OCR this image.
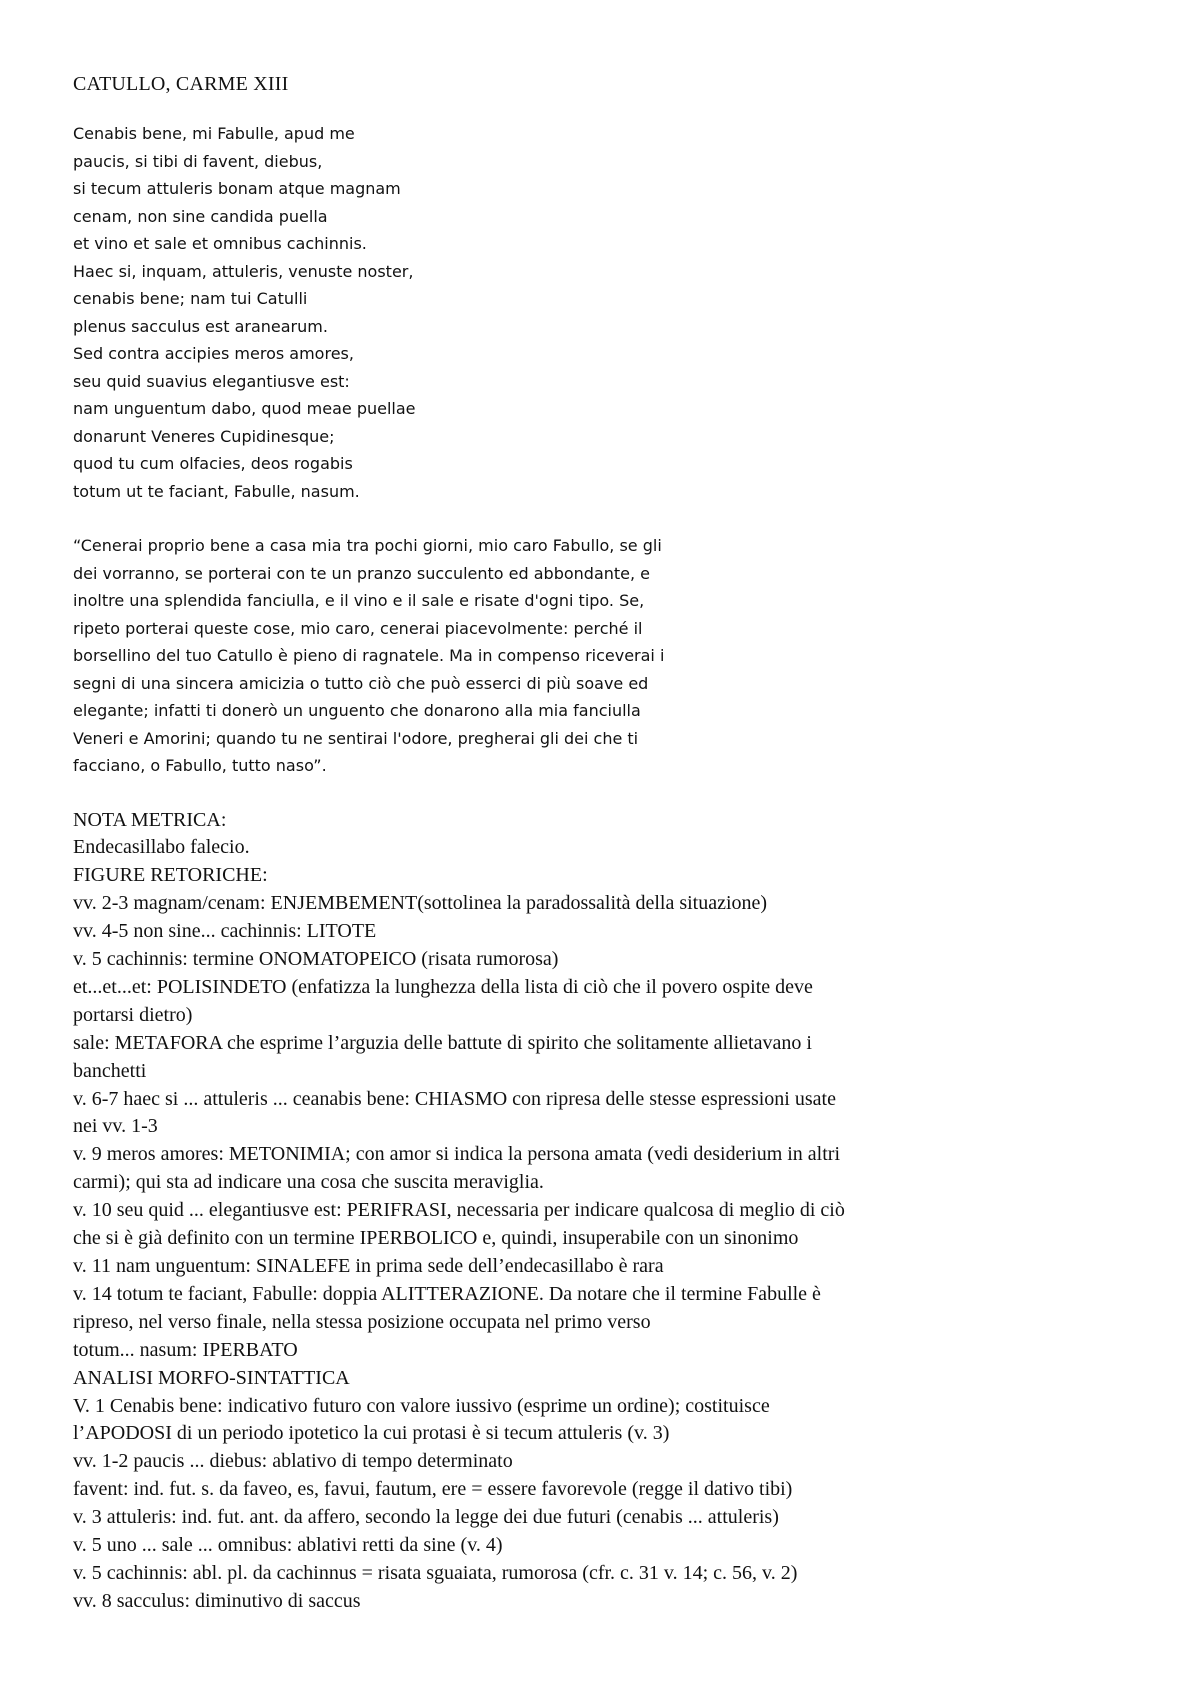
CATULLO, CARME XIII
Cenabis bene, mi Fabulle, apud me
paucis, si tibi di favent, diebus,
si tecum attuleris bonam atque magnam
cenam, non sine candida puella
et vino et sale et omnibus cachinnis.
Haec si, inquam, attuleris, venuste noster,
cenabis bene; nam tui Catulli
plenus sacculus est aranearum.
Sed contra accipies meros amores,
seu quid suavius elegantiusve est:
nam unguentum dabo, quod meae puellae
donarunt Veneres Cupidinesque;
quod tu cum olfacies, deos rogabis
totum ut te faciant, Fabulle, nasum.
“Cenerai proprio bene a casa mia tra pochi giorni, mio caro Fabullo, se gli
dei vorranno, se porterai con te un pranzo succulento ed abbondante, e
inoltre una splendida fanciulla, e il vino e il sale e risate d'ogni tipo. Se,
ripeto porterai queste cose, mio caro, cenerai piacevolmente: perché il
borsellino del tuo Catullo è pieno di ragnatele. Ma in compenso riceverai i
segni di una sincera amicizia o tutto ciò che può esserci di più soave ed
elegante; infatti ti donerò un unguento che donarono alla mia fanciulla
Veneri e Amorini; quando tu ne sentirai l'odore, pregherai gli dei che ti
facciano, o Fabullo, tutto naso”.
NOTA METRICA:
Endecasillabo falecio.
FIGURE RETORICHE:
vv. 2-3 magnam/cenam: ENJEMBEMENT(sottolinea la paradossalità della situazione)
vv. 4-5 non sine... cachinnis: LITOTE
v. 5 cachinnis: termine ONOMATOPEICO (risata rumorosa)
et...et...et: POLISINDETO (enfatizza la lunghezza della lista di ciò che il povero ospite deve
portarsi dietro)
sale: METAFORA che esprime l’arguzia delle battute di spirito che solitamente allietavano i
banchetti
v. 6-7 haec si ... attuleris ... ceanabis bene: CHIASMO con ripresa delle stesse espressioni usate
nei vv. 1-3
v. 9 meros amores: METONIMIA; con amor si indica la persona amata (vedi desiderium in altri
carmi); qui sta ad indicare una cosa che suscita meraviglia.
v. 10 seu quid ... elegantiusve est: PERIFRASI, necessaria per indicare qualcosa di meglio di ciò
che si è già definito con un termine IPERBOLICO e, quindi, insuperabile con un sinonimo
v. 11 nam unguentum: SINALEFE in prima sede dell’endecasillabo è rara
v. 14 totum te faciant, Fabulle: doppia ALITTERAZIONE. Da notare che il termine Fabulle è
ripreso, nel verso finale, nella stessa posizione occupata nel primo verso
totum... nasum: IPERBATO
ANALISI MORFO-SINTATTICA
V. 1 Cenabis bene: indicativo futuro con valore iussivo (esprime un ordine); costituisce
l’APODOSI di un periodo ipotetico la cui protasi è si tecum attuleris (v. 3)
vv. 1-2 paucis ... diebus: ablativo di tempo determinato
favent: ind. fut. s. da faveo, es, favui, fautum, ere = essere favorevole (regge il dativo tibi)
v. 3 attuleris: ind. fut. ant. da affero, secondo la legge dei due futuri (cenabis ... attuleris)
v. 5 uno ... sale ... omnibus: ablativi retti da sine (v. 4)
v. 5 cachinnis: abl. pl. da cachinnus = risata sguaiata, rumorosa (cfr. c. 31 v. 14; c. 56, v. 2)
vv. 8 sacculus: diminutivo di saccus
